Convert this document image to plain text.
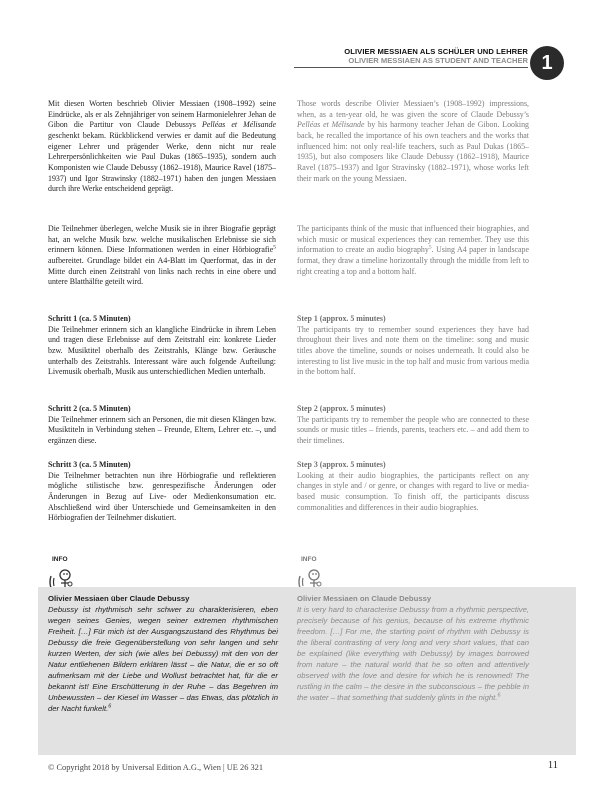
OLIVIER MESSIAEN ALS SCHÜLER UND LEHRER
OLIVIER MESSIAEN AS STUDENT AND TEACHER 1

Mit diesen Worten beschrieb Olivier Messiaen (1908–1992) seine Eindrücke, als er als Zehnjähriger von seinem Harmonielehrer Jehan de Gibon die Partitur von Claude Debussys Pelléas et Mélisande geschenkt bekam. Rückblickend verwies er damit auf die Bedeutung eigener Lehrer und prägender Werke, denn nicht nur reale Lehrerpersönlichkeiten wie Paul Dukas (1865–1935), sondern auch Komponisten wie Claude Debussy (1862–1918), Maurice Ravel (1875–1937) und Igor Strawinsky (1882–1971) haben den jungen Messiaen durch ihre Werke entscheidend geprägt.

Die Teilnehmer überlegen, welche Musik sie in ihrer Biografie geprägt hat, an welche Musik bzw. welche musikalischen Erlebnisse sie sich erinnern können. Diese Informationen werden in einer Hörbiografie$^5$ aufbereitet. Grundlage bildet ein A4-Blatt im Querformat, das in der Mitte durch einen Zeitstrahl von links nach rechts in eine obere und untere Blatthälfte geteilt wird.

Schritt 1 (ca. 5 Minuten)
Die Teilnehmer erinnern sich an klangliche Eindrücke in ihrem Leben und tragen diese Erlebnisse auf dem Zeitstrahl ein: konkrete Lieder bzw. Musiktitel oberhalb des Zeitstrahls, Klänge bzw. Geräusche unterhalb des Zeitstrahls. Interessant wäre auch folgende Aufteilung: Livemusik oberhalb, Musik aus unterschiedlichen Medien unterhalb.

Schritt 2 (ca. 5 Minuten)
Die Teilnehmer erinnern sich an Personen, die mit diesen Klängen bzw. Musiktiteln in Verbindung stehen – Freunde, Eltern, Lehrer etc. –, und ergänzen diese.

Schritt 3 (ca. 5 Minuten)
Die Teilnehmer betrachten nun ihre Hörbiografie und reflektieren mögliche stilistische bzw. genrespezifische Änderungen oder Änderungen in Bezug auf Live- oder Medienkonsumation etc. Abschließend wird über Unterschiede und Gemeinsamkeiten in den Hörbiografien der Teilnehmer diskutiert.

Those words describe Olivier Messiaen’s (1908–1992) impressions, when, as a ten-year old, he was given the score of Claude Debussy’s Pelléas et Mélisande by his harmony teacher Jehan de Gibon. Looking back, he recalled the importance of his own teachers and the works that influenced him: not only real-life teachers, such as Paul Dukas (1865–1935), but also composers like Claude Debussy (1862–1918), Maurice Ravel (1875–1937) and Igor Stravinsky (1882–1971), whose works left their mark on the young Messiaen.

The participants think of the music that influenced their biographies, and which music or musical experiences they can remember. They use this information to create an audio biography$^5$. Using A4 paper in landscape format, they draw a timeline horizontally through the middle from left to right creating a top and a bottom half.

Step 1 (approx. 5 minutes)
The participants try to remember sound experiences they have had throughout their lives and note them on the timeline: song and music titles above the timeline, sounds or noises underneath. It could also be interesting to list live music in the top half and music from various media in the bottom half.

Step 2 (approx. 5 minutes)
The participants try to remember the people who are connected to these sounds or music titles – friends, parents, teachers etc. – and add them to their timelines.

Step 3 (approx. 5 minutes)
Looking at their audio biographies, the participants reflect on any changes in style and / or genre, or changes with regard to live or media-based music consumption. To finish off, the participants discuss commonalities and differences in their audio biographies.

INFO	INFO
Olivier Messiaen über Claude Debussy
Debussy ist rhythmisch sehr schwer zu charakterisieren, eben wegen seines Genies, wegen seiner extremen rhythmischen Freiheit. […] Für mich ist der Ausgangszustand des Rhythmus bei Debussy die freie Gegenüberstellung von sehr langen und sehr kurzen Werten, der sich (wie alles bei Debussy) mit den von der Natur entliehenen Bildern erklären lässt – die Natur, die er so oft aufmerksam mit der Liebe und Wollust betrachtet hat, für die er bekannt ist! Eine Erschütterung in der Ruhe – das Begehren im Unbewussten – der Kiesel im Wasser – das Etwas, das plötzlich in der Nacht funkelt.$^6$
Olivier Messiaen on Claude Debussy
It is very hard to characterise Debussy from a rhythmic perspective, precisely because of his genius, because of his extreme rhythmic freedom. […] For me, the starting point of rhythm with Debussy is the liberal contrasting of very long and very short values, that can be explained (like everything with Debussy) by images borrowed from nature – the natural world that he so often and attentively observed with the love and desire for which he is renowned! The rustling in the calm – the desire in the subconscious – the pebble in the water – that something that suddenly glints in the night.$^6$
© Copyright 2018 by Universal Edition A.G., Wien | UE 26 321	11
